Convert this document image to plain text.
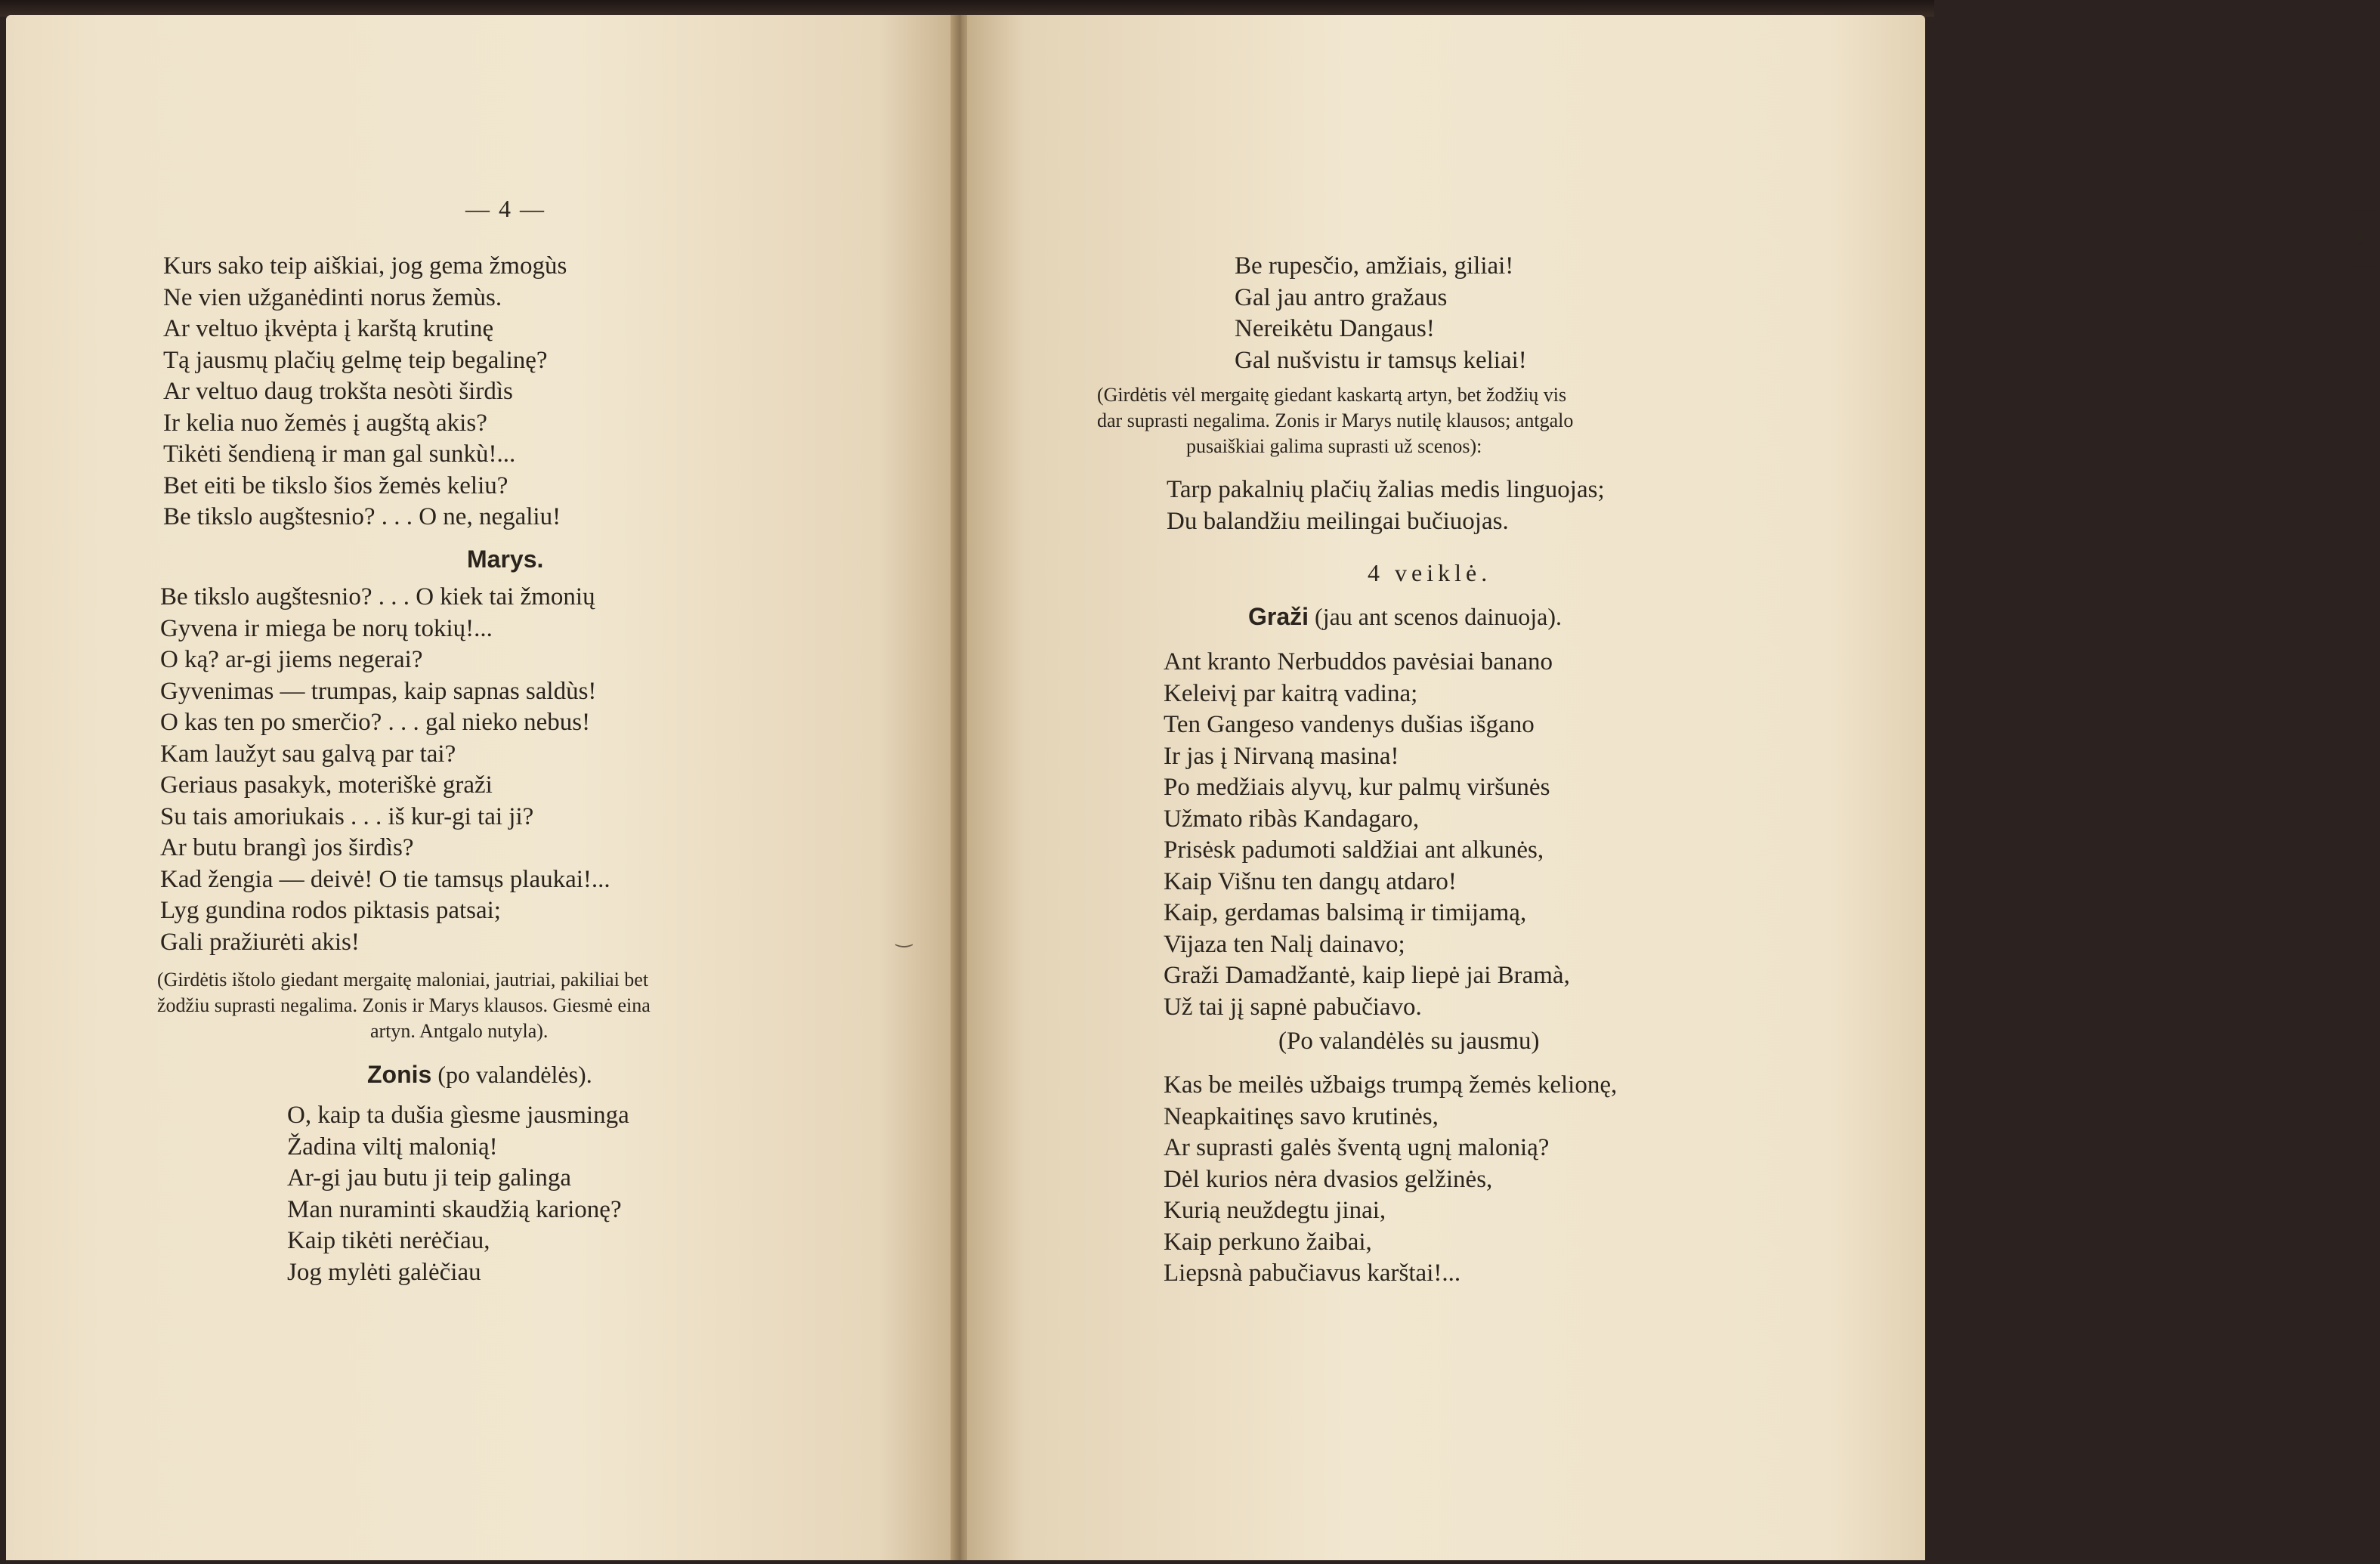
— 4 —
Kurs sako teip aiškiai, jog gema žmogùs
Ne vien užganėdinti norus žemùs.
Ar veltuo įkvėpta į karštą krutinę
Tą jausmų plačių gelmę teip begalinę?
Ar veltuo daug trokšta nesòti širdìs
Ir kelia nuo žemės į augštą akis?
Tikėti šendieną ir man gal sunkù!...
Bet eiti be tikslo šios žemės keliu?
Be tikslo augštesnio? . . . O ne, negaliu!
Marys.
Be tikslo augštesnio? . . . O kiek tai žmonių
Gyvena ir miega be norų tokių!...
O ką? ar-gi jiems negerai?
Gyvenimas — trumpas, kaip sapnas saldùs!
O kas ten po smerčio? . . . gal nieko nebus!
Kam laužyt sau galvą par tai?
Geriaus pasakyk, moteriškė graži
Su tais amoriukais . . . iš kur-gi tai ji?
Ar butu brangì jos širdìs?
Kad žengia — deivė! O tie tamsųs plaukai!...
Lyg gundina rodos piktasis patsai;
Gali pražiurėti akis!
(Girdėtis ištolo giedant mergaitę maloniai, jautriai, pakiliai bet
žodžiu suprasti negalima. Zonis ir Marys klausos. Giesmė eina
artyn. Antgalo nutyla).
Zonis (po valandėlės).
O, kaip ta dušia gìesme jausminga
Žadina viltį malonią!
Ar-gi jau butu ji teip galinga
Man nuraminti skaudžią karionę?
Kaip tikėti nerėčiau,
Jog mylėti galėčiau
‿
— 5 —
Be rupesčio, amžiais, giliai!
Gal jau antro gražaus
Nereikėtu Dangaus!
Gal nušvistu ir tamsųs keliai!
(Girdėtis vėl mergaitę giedant kaskartą artyn, bet žodžių vis
dar suprasti negalima. Zonis ir Marys nutilę klausos; antgalo
pusaiškiai galima suprasti už scenos):
Tarp pakalnių plačių žalias medis linguojas;
Du balandžiu meilingai bučiuojas.
4 veiklė.
Graži (jau ant scenos dainuoja).
Ant kranto Nerbuddos pavėsiai banano
Keleivį par kaitrą vadina;
Ten Gangeso vandenys dušias išgano
Ir jas į Nirvaną masina!
Po medžiais alyvų, kur palmų viršunės
Užmato ribàs Kandagaro,
Prisėsk padumoti saldžiai ant alkunės,
Kaip Višnu ten dangų atdaro!
Kaip, gerdamas balsimą ir timijamą,
Vijaza ten Nalį dainavo;
Graži Damadžantė, kaip liepė jai Bramà,
Už tai jį sapnė pabučiavo.
(Po valandėlės su jausmu)
Kas be meilės užbaigs trumpą žemės kelionę,
Neapkaitinęs savo krutinės,
Ar suprasti galės šventą ugnį malonią?
Dėl kurios nėra dvasios gelžinės,
Kurią neuždegtu jinai,
Kaip perkuno žaibai,
Liepsnà pabučiavus karštai!...
